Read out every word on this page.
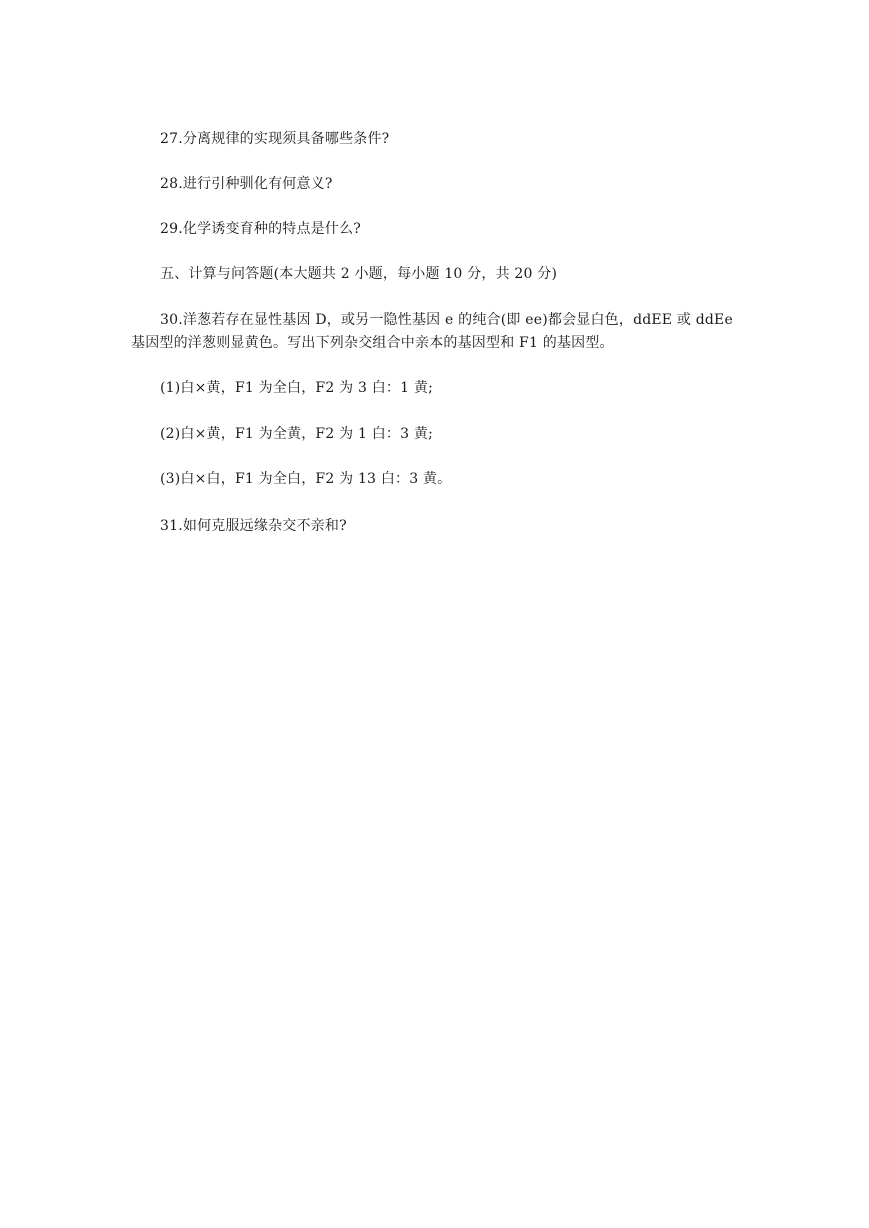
27.分离规律的实现须具备哪些条件?
28.进行引种驯化有何意义?
29.化学诱变育种的特点是什么?
五、计算与问答题(本大题共 2 小题，每小题 10 分，共 20 分)
30.洋葱若存在显性基因 D，或另一隐性基因 e 的纯合(即 ee)都会显白色，ddEE 或 ddEe
基因型的洋葱则显黄色。写出下列杂交组合中亲本的基因型和 F1 的基因型。
(1)白×黄，F1 为全白，F2 为 3 白：1 黄;
(2)白×黄，F1 为全黄，F2 为 1 白：3 黄;
(3)白×白，F1 为全白，F2 为 13 白：3 黄。
31.如何克服远缘杂交不亲和?
